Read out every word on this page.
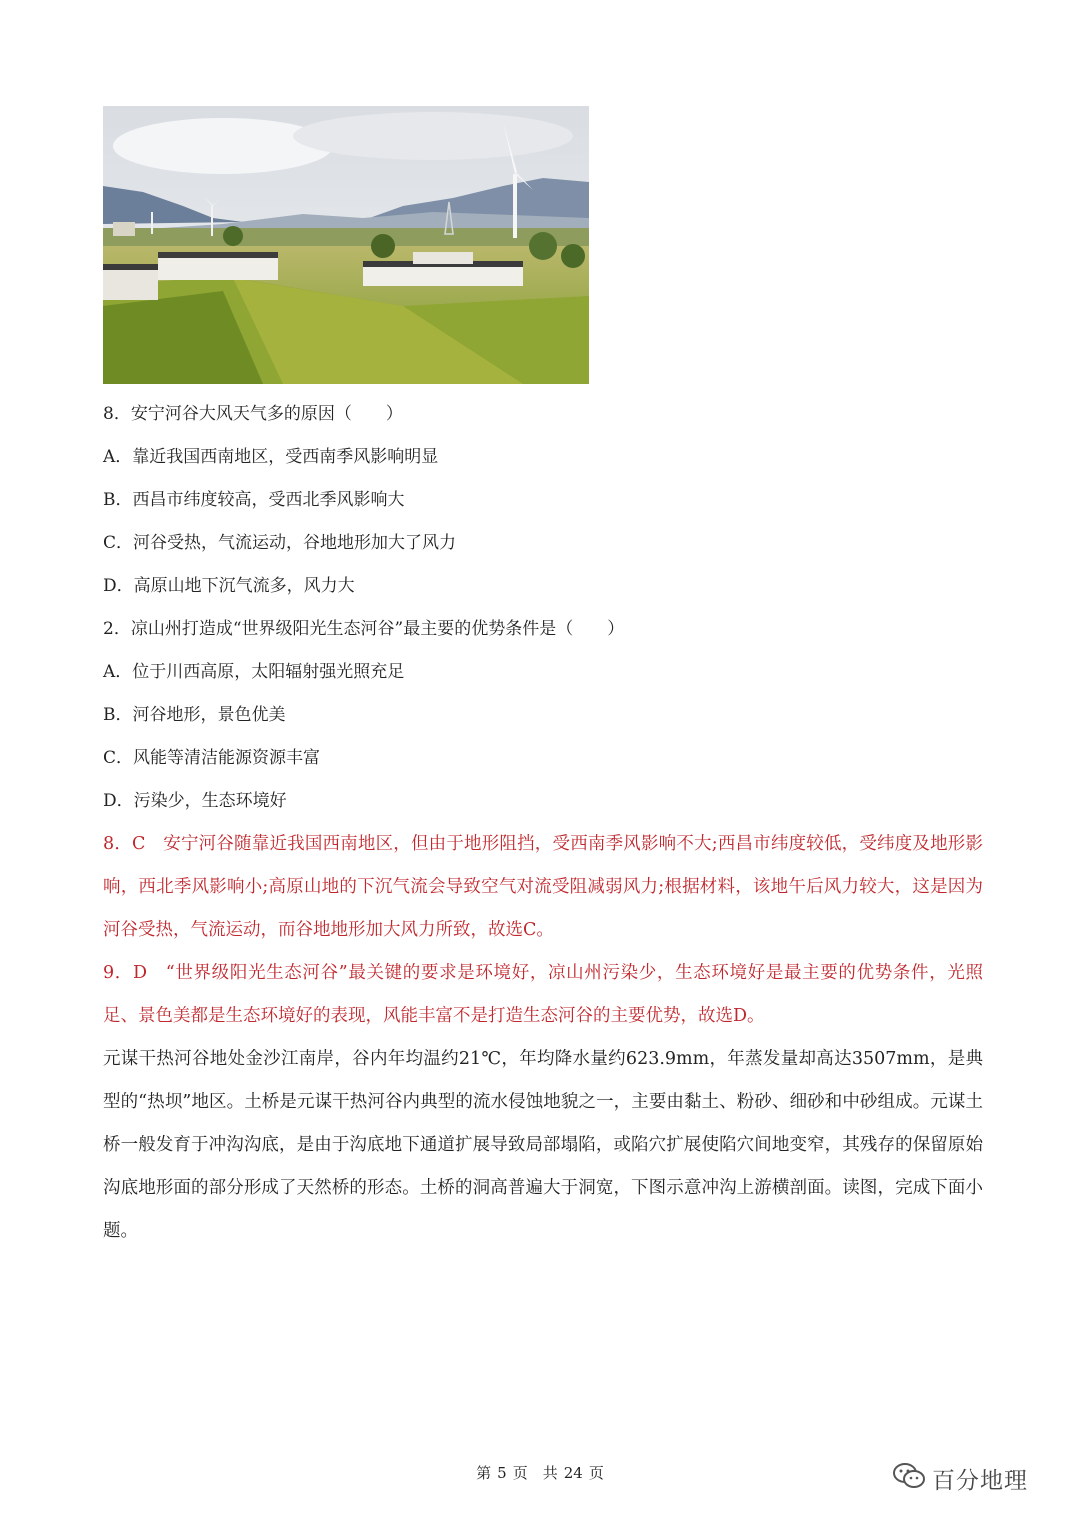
8．安宁河谷大风天气多的原因（　　）
A．靠近我国西南地区，受西南季风影响明显
B．西昌市纬度较高，受西北季风影响大
C．河谷受热，气流运动，谷地地形加大了风力
D．高原山地下沉气流多，风力大
2．凉山州打造成“世界级阳光生态河谷”最主要的优势条件是（　　）
A．位于川西高原，太阳辐射强光照充足
B．河谷地形，景色优美
C．风能等清洁能源资源丰富
D．污染少，生态环境好

8．C　安宁河谷随靠近我国西南地区，但由于地形阻挡，受西南季风影响不大;西昌市纬度较低，受纬度及地形影响，西北季风影响小;高原山地的下沉气流会导致空气对流受阻减弱风力;根据材料，该地午后风力较大，这是因为河谷受热，气流运动，而谷地地形加大风力所致，故选C。

9．D　“世界级阳光生态河谷”最关键的要求是环境好，凉山州污染少，生态环境好是最主要的优势条件，光照足、景色美都是生态环境好的表现，风能丰富不是打造生态河谷的主要优势，故选D。

元谋干热河谷地处金沙江南岸，谷内年均温约21℃，年均降水量约623.9mm，年蒸发量却高达3507mm，是典型的“热坝”地区。土桥是元谋干热河谷内典型的流水侵蚀地貌之一，主要由黏土、粉砂、细砂和中砂组成。元谋土桥一般发育于冲沟沟底，是由于沟底地下通道扩展导致局部塌陷，或陷穴扩展使陷穴间地变窄，其残存的保留原始沟底地形面的部分形成了天然桥的形态。土桥的洞高普遍大于洞宽，下图示意冲沟上游横剖面。读图，完成下面小题。

第 5 页　共 24 页	百分地理
